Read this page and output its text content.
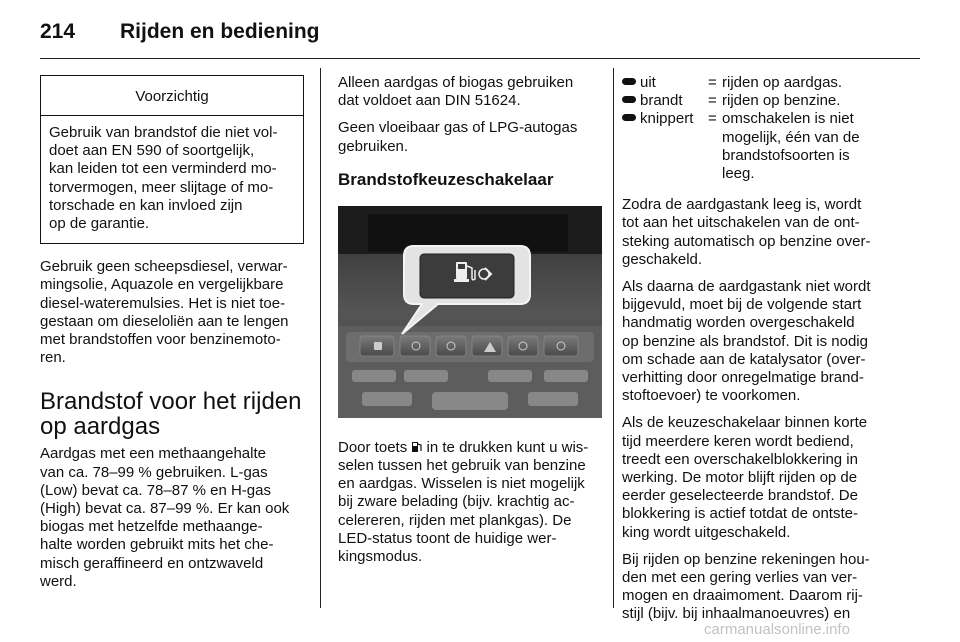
214 Rijden en bediening
Voorzichtig
Gebruik van brandstof die niet vol-
doet aan EN 590 of soortgelijk,
kan leiden tot een verminderd mo-
torvermogen, meer slijtage of mo-
torschade en kan invloed zijn
op de garantie.
Gebruik geen scheepsdiesel, verwar-
mingsolie, Aquazole en vergelijkbare
diesel-wateremulsies. Het is niet toe-
gestaan om dieseloliën aan te lengen
met brandstoffen voor benzinemoto-
ren.
Brandstof voor het rijden
op aardgas
Aardgas met een methaangehalte
van ca. 78–99 % gebruiken. L-gas
(Low) bevat ca. 78–87 % en H-gas
(High) bevat ca. 87–99 %. Er kan ook
biogas met hetzelfde methaange-
halte worden gebruikt mits het che-
misch geraffineerd en ontzwaveld
werd.
Alleen aardgas of biogas gebruiken
dat voldoet aan DIN 51624.
Geen vloeibaar gas of LPG-autogas
gebruiken.
Brandstofkeuzeschakelaar
Door toets in te drukken kunt u wis-
selen tussen het gebruik van benzine
en aardgas. Wisselen is niet mogelijk
bij zware belading (bijv. krachtig ac-
celereren, rijden met plankgas). De
LED-status toont de huidige wer-
kingsmodus.
	uit	=	rijden op aardgas.

	brandt	=	rijden op benzine.

	knippert	=	omschakelen is niet
mogelijk, één van de
brandstofsoorten is
leeg.
Zodra de aardgastank leeg is, wordt
tot aan het uitschakelen van de ont-
steking automatisch op benzine over-
geschakeld.
Als daarna de aardgastank niet wordt
bijgevuld, moet bij de volgende start
handmatig worden overgeschakeld
op benzine als brandstof. Dit is nodig
om schade aan de katalysator (over-
verhitting door onregelmatige brand-
stoftoevoer) te voorkomen.
Als de keuzeschakelaar binnen korte
tijd meerdere keren wordt bediend,
treedt een overschakelblokkering in
werking. De motor blijft rijden op de
eerder geselecteerde brandstof. De
blokkering is actief totdat de ontste-
king wordt uitgeschakeld.
Bij rijden op benzine rekeningen hou-
den met een gering verlies van ver-
mogen en draaimoment. Daarom rij-
stijl (bijv. bij inhaalmanoeuvres) en
carmanualsonline.info
